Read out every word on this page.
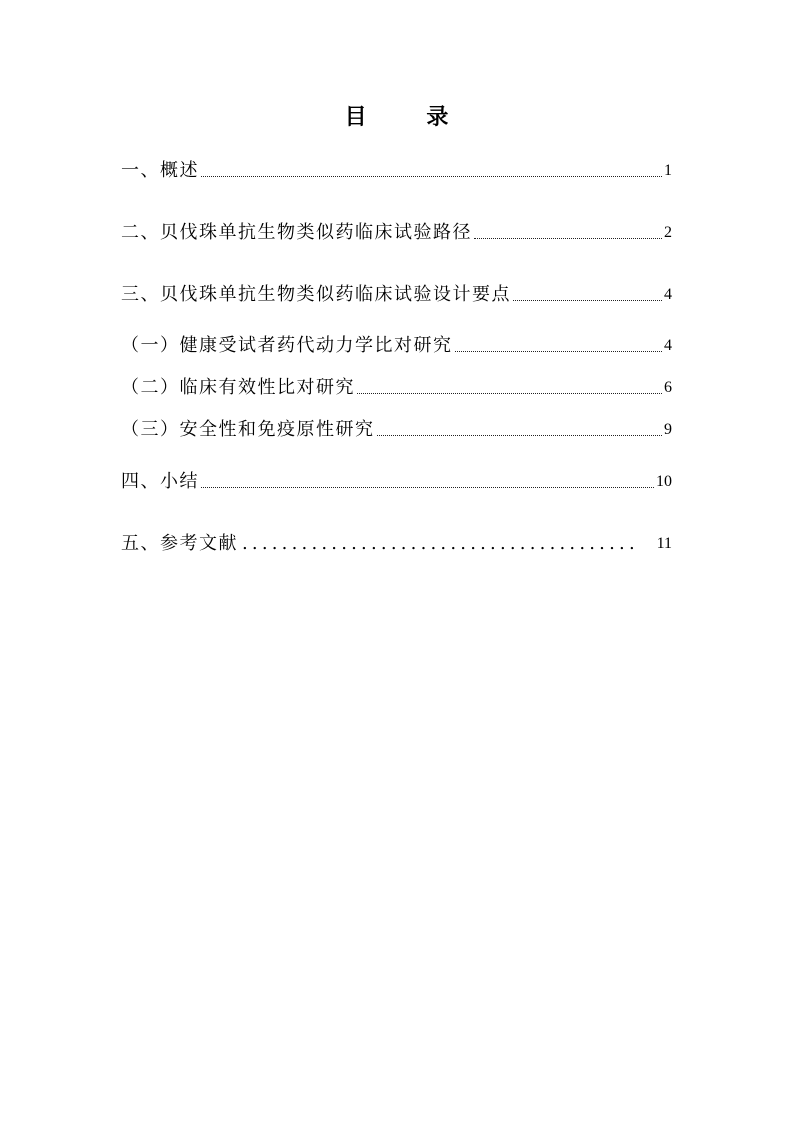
目 录
一、概述	1
二、贝伐珠单抗生物类似药临床试验路径	2
三、贝伐珠单抗生物类似药临床试验设计要点	4
（一）健康受试者药代动力学比对研究	4
（二）临床有效性比对研究	6
（三）安全性和免疫原性研究	9
四、小结	10
五、参考文献 ........................................	11
